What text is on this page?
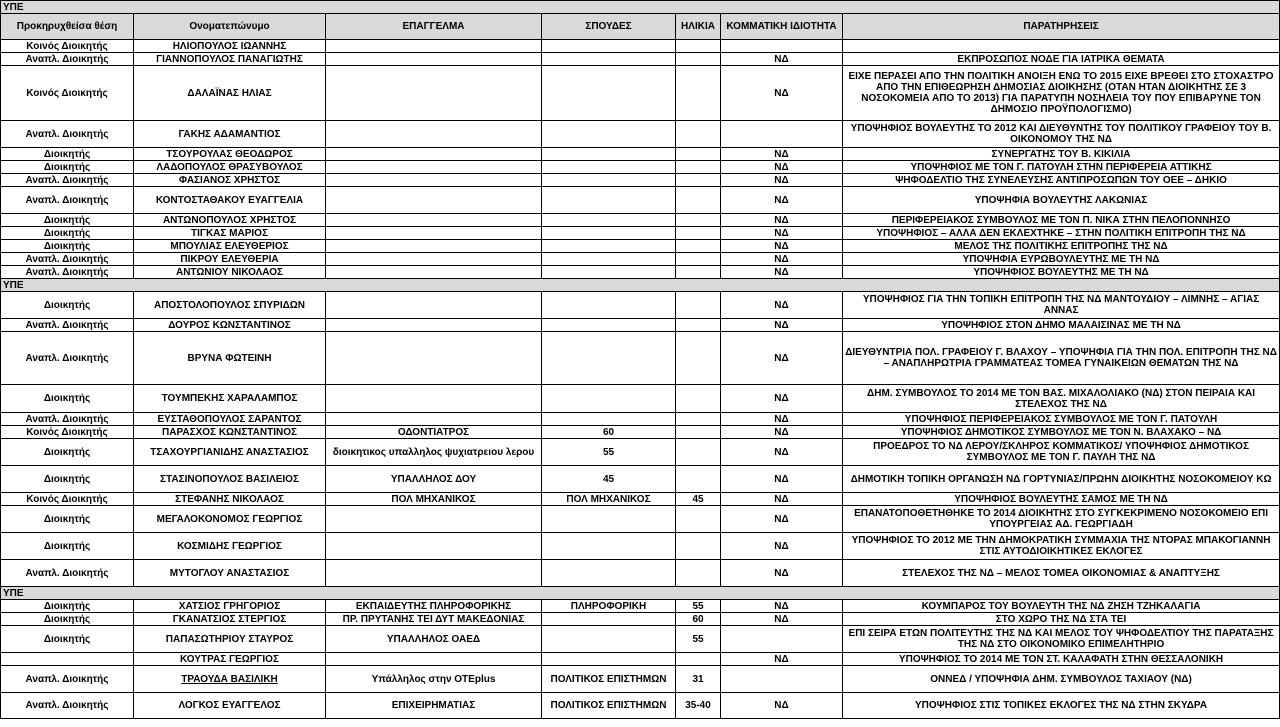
ΥΠΕ						
Προκηρυχθείσα θέση	Ονοματεπώνυμο	ΕΠΑΓΓΕΛΜΑ	ΣΠΟΥΔΕΣ	ΗΛΙΚΙΑ	ΚΟΜΜΑΤΙΚΗ ΙΔΙΟΤΗΤΑ	ΠΑΡΑΤΗΡΗΣΕΙΣ
Κοινός Διοικητής	ΗΛΙΟΠΟΥΛΟΣ ΙΩΑΝΝΗΣ					
Αναπλ. Διοικητής	ΓΙΑΝΝΟΠΟΥΛΟΣ ΠΑΝΑΓΙΩΤΗΣ				ΝΔ	ΕΚΠΡΟΣΩΠΟΣ ΝΟΔΕ ΓΙΑ ΙΑΤΡΙΚΑ ΘΕΜΑΤΑ
Κοινός Διοικητής	ΔΑΛΑΪΝΑΣ ΗΛΙΑΣ				ΝΔ	ΕΙΧΕ ΠΕΡΑΣΕΙ ΑΠΟ ΤΗΝ ΠΟΛΙΤΙΚΗ ΑΝΟΙΞΗ ΕΝΩ ΤΟ 2015 ΕΙΧΕ ΒΡΕΘΕΙ ΣΤΟ ΣΤΟΧΑΣΤΡΟ ΑΠΟ ΤΗΝ ΕΠΙΘΕΩΡΗΣΗ ΔΗΜΟΣΙΑΣ ΔΙΟΙΚΗΣΗΣ (ΟΤΑΝ ΗΤΑΝ ΔΙΟΙΚΗΤΗΣ ΣΕ 3 ΝΟΣΟΚΟΜΕΙΑ ΑΠΟ ΤΟ 2013) ΓΙΑ ΠΑΡΑΤΥΠΗ ΝΟΣΗΛΕΙΑ ΤΟΥ ΠΟΥ ΕΠΙΒΑΡΥΝΕ ΤΟΝ ΔΗΜΟΣΙΟ ΠΡΟΫΠΟΛΟΓΙΣΜΟ)
Αναπλ. Διοικητής	ΓΑΚΗΣ ΑΔΑΜΑΝΤΙΟΣ					ΥΠΟΨΗΦΙΟΣ ΒΟΥΛΕΥΤΗΣ ΤΟ 2012 ΚΑΙ ΔΙΕΥΘΥΝΤΗΣ ΤΟΥ ΠΟΛΙΤΙΚΟΥ ΓΡΑΦΕΙΟΥ ΤΟΥ Β. ΟΙΚΟΝΟΜΟΥ ΤΗΣ ΝΔ
Διοικητής	ΤΣΟΥΡΟΥΛΑΣ ΘΕΟΔΩΡΟΣ				ΝΔ	ΣΥΝΕΡΓΑΤΗΣ ΤΟΥ Β. ΚΙΚΙΛΙΑ
Διοικητής	ΛΑΔΟΠΟΥΛΟΣ ΘΡΑΣΥΒΟΥΛΟΣ				ΝΔ	ΥΠΟΨΗΦΙΟΣ ΜΕ ΤΟΝ Γ. ΠΑΤΟΥΛΗ ΣΤΗΝ ΠΕΡΙΦΕΡΕΙΑ ΑΤΤΙΚΗΣ
Αναπλ. Διοικητής	ΦΑΣΙΑΝΟΣ ΧΡΗΣΤΟΣ				ΝΔ	ΨΗΦΟΔΕΛΤΙΟ ΤΗΣ ΣΥΝΕΛΕΥΣΗΣ ΑΝΤΙΠΡΟΣΩΠΩΝ ΤΟΥ ΟΕΕ – ΔΗΚΙΟ
Αναπλ. Διοικητής	ΚΟΝΤΟΣΤΑΘΑΚΟΥ ΕΥΑΓΓΕΛΙΑ				ΝΔ	ΥΠΟΨΗΦΙΑ ΒΟΥΛΕΥΤΗΣ ΛΑΚΩΝΙΑΣ
Διοικητής	ΑΝΤΩΝΟΠΟΥΛΟΣ ΧΡΗΣΤΟΣ				ΝΔ	ΠΕΡΙΦΕΡΕΙΑΚΟΣ ΣΥΜΒΟΥΛΟΣ ΜΕ ΤΟΝ Π. ΝΙΚΑ ΣΤΗΝ ΠΕΛΟΠΟΝΝΗΣΟ
Διοικητής	ΤΙΓΚΑΣ ΜΑΡΙΟΣ				ΝΔ	ΥΠΟΨΗΦΙΟΣ – ΑΛΛΑ ΔΕΝ ΕΚΛΕΧΤΗΚΕ – ΣΤΗΝ ΠΟΛΙΤΙΚΗ ΕΠΙΤΡΟΠΗ ΤΗΣ ΝΔ
Διοικητής	ΜΠΟΥΛΙΑΣ ΕΛΕΥΘΕΡΙΟΣ				ΝΔ	ΜΕΛΟΣ ΤΗΣ ΠΟΛΙΤΙΚΗΣ ΕΠΙΤΡΟΠΗΣ ΤΗΣ ΝΔ
Αναπλ. Διοικητής	ΠΙΚΡΟΥ ΕΛΕΥΘΕΡΙΑ				ΝΔ	ΥΠΟΨΗΦΙΑ ΕΥΡΩΒΟΥΛΕΥΤΗΣ ΜΕ ΤΗ ΝΔ
Αναπλ. Διοικητής	ΑΝΤΩΝΙΟΥ ΝΙΚΟΛΑΟΣ				ΝΔ	ΥΠΟΨΗΦΙΟΣ ΒΟΥΛΕΥΤΗΣ ΜΕ ΤΗ ΝΔ
ΥΠΕ						
Διοικητής	ΑΠΟΣΤΟΛΟΠΟΥΛΟΣ ΣΠΥΡΙΔΩΝ				ΝΔ	ΥΠΟΨΗΦΙΟΣ ΓΙΑ ΤΗΝ ΤΟΠΙΚΗ ΕΠΙΤΡΟΠΗ ΤΗΣ ΝΔ ΜΑΝΤΟΥΔΙΟΥ – ΛΙΜΝΗΣ – ΑΓΙΑΣ ΑΝΝΑΣ
Αναπλ. Διοικητής	ΔΟΥΡΟΣ ΚΩΝΣΤΑΝΤΙΝΟΣ				ΝΔ	ΥΠΟΨΗΦΙΟΣ ΣΤΟΝ ΔΗΜΟ ΜΑΛΑΙΣΙΝΑΣ ΜΕ ΤΗ ΝΔ
Αναπλ. Διοικητής	ΒΡΥΝΑ ΦΩΤΕΙΝΗ				ΝΔ	ΔΙΕΥΘΥΝΤΡΙΑ ΠΟΛ. ΓΡΑΦΕΙΟΥ Γ. ΒΛΑΧΟΥ – ΥΠΟΨΗΦΙΑ ΓΙΑ ΤΗΝ ΠΟΛ. ΕΠΙΤΡΟΠΗ ΤΗΣ ΝΔ – ΑΝΑΠΛΗΡΩΤΡΙΑ ΓΡΑΜΜΑΤΕΑΣ ΤΟΜΕΑ ΓΥΝΑΙΚΕΙΩΝ ΘΕΜΑΤΩΝ ΤΗΣ ΝΔ
Διοικητής	ΤΟΥΜΠΕΚΗΣ ΧΑΡΑΛΑΜΠΟΣ				ΝΔ	ΔΗΜ. ΣΥΜΒΟΥΛΟΣ ΤΟ 2014 ΜΕ ΤΟΝ ΒΑΣ. ΜΙΧΑΛΟΛΙΑΚΟ (ΝΔ) ΣΤΟΝ ΠΕΙΡΑΙΑ ΚΑΙ ΣΤΕΛΕΧΟΣ ΤΗΣ ΝΔ
Αναπλ. Διοικητής	ΕΥΣΤΑΘΟΠΟΥΛΟΣ ΣΑΡΑΝΤΟΣ				ΝΔ	ΥΠΟΨΗΦΙΟΣ ΠΕΡΙΦΕΡΕΙΑΚΟΣ ΣΥΜΒΟΥΛΟΣ ΜΕ ΤΟΝ Γ. ΠΑΤΟΥΛΗ
Κοινός Διοικητής	ΠΑΡΑΣΧΟΣ ΚΩΝΣΤΑΝΤΙΝΟΣ	ΟΔΟΝΤΙΑΤΡΟΣ	60		ΝΔ	ΥΠΟΨΗΦΙΟΣ ΔΗΜΟΤΙΚΟΣ ΣΥΜΒΟΥΛΟΣ ΜΕ ΤΟΝ Ν. ΒΛΑΧΑΚΟ – ΝΔ
Διοικητής	ΤΣΑΧΟΥΡΓΙΑΝΙΔΗΣ ΑΝΑΣΤΑΣΙΟΣ	διοικητικος υπαλληλος ψυχιατρειου λερου	55		ΝΔ	ΠΡΟΕΔΡΟΣ ΤΟ ΝΔ ΛΕΡΟΥ/ΣΚΛΗΡΟΣ ΚΟΜΜΑΤΙΚΟΣ/ ΥΠΟΨΗΦΙΟΣ ΔΗΜΟΤΙΚΟΣ ΣΥΜΒΟΥΛΟΣ ΜΕ ΤΟΝ Γ. ΠΑΥΛΗ ΤΗΣ ΝΔ
Διοικητής	ΣΤΑΣΙΝΟΠΟΥΛΟΣ ΒΑΣΙΛΕΙΟΣ	ΥΠΑΛΛΗΛΟΣ ΔΟΥ	45		ΝΔ	ΔΗΜΟΤΙΚΗ ΤΟΠΙΚΗ ΟΡΓΑΝΩΣΗ ΝΔ ΓΟΡΤΥΝΙΑΣ/ΠΡΩΗΝ ΔΙΟΙΚΗΤΗΣ ΝΟΣΟΚΟΜΕΙΟΥ ΚΩ
Κοινός Διοικητής	ΣΤΕΦΑΝΗΣ ΝΙΚΟΛΑΟΣ	ΠΟΛ ΜΗΧΑΝΙΚΟΣ	ΠΟΛ ΜΗΧΑΝΙΚΟΣ	45	ΝΔ	ΥΠΟΨΗΦΙΟΣ ΒΟΥΛΕΥΤΗΣ ΣΑΜΟΣ ΜΕ ΤΗ ΝΔ
Διοικητής	ΜΕΓΑΛΟΚΟΝΟΜΟΣ ΓΕΩΡΓΙΟΣ				ΝΔ	ΕΠΑΝΑΤΟΠΟΘΕΤΗΘΗΚΕ ΤΟ 2014 ΔΙΟΙΚΗΤΗΣ ΣΤΟ ΣΥΓΚΕΚΡΙΜΕΝΟ ΝΟΣΟΚΟΜΕΙΟ ΕΠΙ ΥΠΟΥΡΓΕΙΑΣ ΑΔ. ΓΕΩΡΓΙΑΔΗ
Διοικητής	ΚΟΣΜΙΔΗΣ ΓΕΩΡΓΙΟΣ				ΝΔ	ΥΠΟΨΗΦΙΟΣ ΤΟ 2012 ΜΕ ΤΗΝ ΔΗΜΟΚΡΑΤΙΚΗ ΣΥΜΜΑΧΙΑ ΤΗΣ ΝΤΟΡΑΣ ΜΠΑΚΟΓΙΑΝΝΗ ΣΤΙΣ ΑΥΤΟΔΙΟΙΚΗΤΙΚΕΣ ΕΚΛΟΓΕΣ
Αναπλ. Διοικητής	ΜΥΤΟΓΛΟΥ ΑΝΑΣΤΑΣΙΟΣ				ΝΔ	ΣΤΕΛΕΧΟΣ ΤΗΣ ΝΔ – ΜΕΛΟΣ ΤΟΜΕΑ ΟΙΚΟΝΟΜΙΑΣ & ΑΝΑΠΤΥΞΗΣ
ΥΠΕ						
Διοικητής	ΧΑΤΣΙΟΣ ΓΡΗΓΟΡΙΟΣ	ΕΚΠΑΙΔΕΥΤΗΣ ΠΛΗΡΟΦΟΡΙΚΗΣ	ΠΛΗΡΟΦΟΡΙΚΗ	55	ΝΔ	ΚΟΥΜΠΑΡΟΣ ΤΟΥ ΒΟΥΛΕΥΤΗ ΤΗΣ ΝΔ ΖΗΣΗ ΤΖΗΚΑΛΑΓΙΑ
Διοικητής	ΓΚΑΝΑΤΣΙΟΣ ΣΤΕΡΓΙΟΣ	ΠΡ. ΠΡΥΤΑΝΗΣ ΤΕΙ ΔΥΤ ΜΑΚΕΔΟΝΙΑΣ		60	ΝΔ	ΣΤΟ ΧΩΡΟ ΤΗΣ ΝΔ ΣΤΑ ΤΕΙ
Διοικητής	ΠΑΠΑΣΩΤΗΡΙΟΥ ΣΤΑΥΡΟΣ	ΥΠΑΛΛΗΛΟΣ ΟΑΕΔ		55		ΕΠΙ ΣΕΙΡΑ ΕΤΩΝ ΠΟΛΙΤΕΥΤΗΣ ΤΗΣ ΝΔ ΚΑΙ ΜΕΛΟΣ ΤΟΥ ΨΗΦΟΔΕΛΤΙΟΥ ΤΗΣ ΠΑΡΑΤΑΞΗΣ ΤΗΣ ΝΔ ΣΤΟ ΟΙΚΟΝΟΜΙΚΟ ΕΠΙΜΕΛΗΤΗΡΙΟ
	ΚΟΥΤΡΑΣ ΓΕΩΡΓΙΟΣ				ΝΔ	ΥΠΟΨΗΦΙΟΣ ΤΟ 2014 ΜΕ ΤΟΝ ΣΤ. ΚΑΛΑΦΑΤΗ ΣΤΗΝ ΘΕΣΣΑΛΟΝΙΚΗ
Αναπλ. Διοικητής	ΤΡΑΟΥΔΑ ΒΑΣΙΛΙΚΗ	Υπάλληλος στην OTEplus	ΠΟΛΙΤΙΚΟΣ ΕΠΙΣΤΗΜΩΝ	31		ΟΝΝΕΔ / ΥΠΟΨΗΦΙΑ ΔΗΜ. ΣΥΜΒΟΥΛΟΣ ΤΑΧΙΑΟΥ (ΝΔ)
Αναπλ. Διοικητής	ΛΟΓΚΟΣ ΕΥΑΓΓΕΛΟΣ	ΕΠΙΧΕΙΡΗΜΑΤΙΑΣ	ΠΟΛΙΤΙΚΟΣ ΕΠΙΣΤΗΜΩΝ	35-40	ΝΔ	ΥΠΟΨΗΦΙΟΣ ΣΤΙΣ ΤΟΠΙΚΕΣ ΕΚΛΟΓΕΣ ΤΗΣ ΝΔ ΣΤΗΝ ΣΚΥΔΡΑ
